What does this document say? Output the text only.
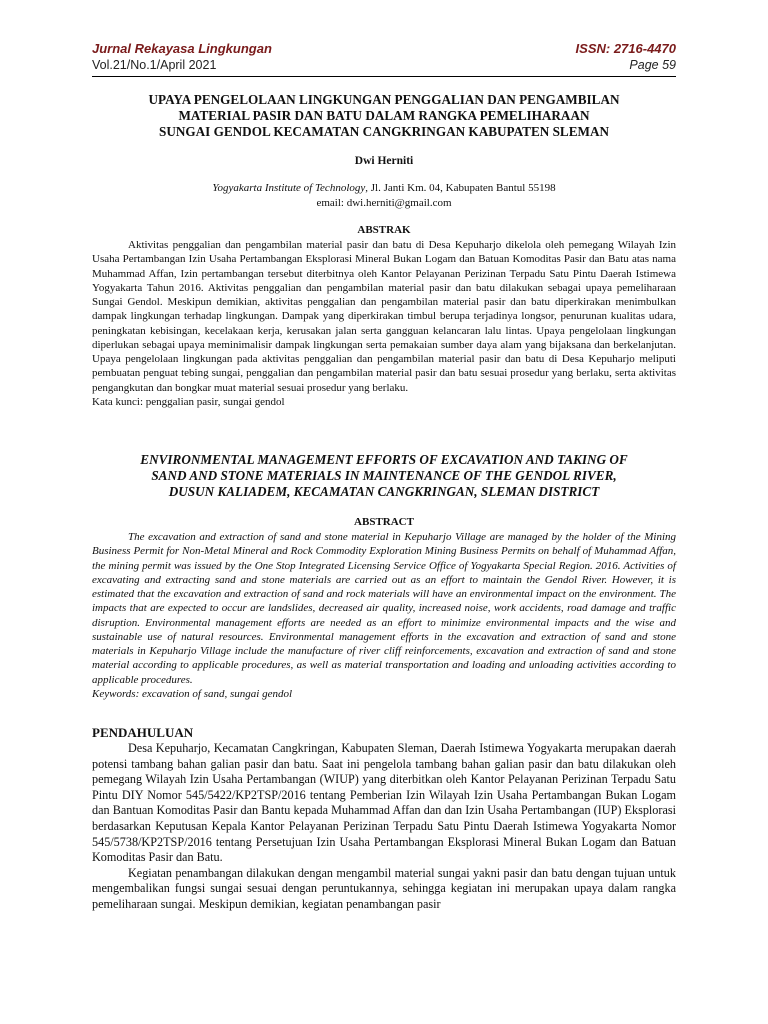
Jurnal Rekayasa Lingkungan	ISSN: 2716-4470
Vol.21/No.1/April 2021	Page 59
UPAYA PENGELOLAAN LINGKUNGAN PENGGALIAN DAN PENGAMBILAN
MATERIAL PASIR DAN BATU DALAM RANGKA PEMELIHARAAN
SUNGAI GENDOL KECAMATAN CANGKRINGAN KABUPATEN SLEMAN
Dwi Herniti
Yogyakarta Institute of Technology, Jl. Janti Km. 04, Kabupaten Bantul 55198
email: dwi.herniti@gmail.com
ABSTRAK

Aktivitas penggalian dan pengambilan material pasir dan batu di Desa Kepuharjo dikelola oleh pemegang Wilayah Izin Usaha Pertambangan Izin Usaha Pertambangan Eksplorasi Mineral Bukan Logam dan Batuan Komoditas Pasir dan Batu atas nama Muhammad Affan, Izin pertambangan tersebut diterbitnya oleh Kantor Pelayanan Perizinan Terpadu Satu Pintu Daerah Istimewa Yogyakarta Tahun 2016. Aktivitas penggalian dan pengambilan material pasir dan batu dilakukan sebagai upaya pemeliharaan Sungai Gendol. Meskipun demikian, aktivitas penggalian dan pengambilan material pasir dan batu diperkirakan menimbulkan dampak lingkungan terhadap lingkungan. Dampak yang diperkirakan timbul berupa terjadinya longsor, penurunan kualitas udara, peningkatan kebisingan, kecelakaan kerja, kerusakan jalan serta gangguan kelancaran lalu lintas. Upaya pengelolaan lingkungan diperlukan sebagai upaya meminimalisir dampak lingkungan serta pemakaian sumber daya alam yang bijaksana dan berkelanjutan. Upaya pengelolaan lingkungan pada aktivitas penggalian dan pengambilan material pasir dan batu di Desa Kepuharjo meliputi pembuatan penguat tebing sungai, penggalian dan pengambilan material pasir dan batu sesuai prosedur yang berlaku, serta aktivitas pengangkutan dan bongkar muat material sesuai prosedur yang berlaku.

Kata kunci: penggalian pasir, sungai gendol

ENVIRONMENTAL MANAGEMENT EFFORTS OF EXCAVATION AND TAKING OF
SAND AND STONE MATERIALS IN MAINTENANCE OF THE GENDOL RIVER,
DUSUN KALIADEM, KECAMATAN CANGKRINGAN, SLEMAN DISTRICT
ABSTRACT

The excavation and extraction of sand and stone material in Kepuharjo Village are managed by the holder of the Mining Business Permit for Non-Metal Mineral and Rock Commodity Exploration Mining Business Permits on behalf of Muhammad Affan, the mining permit was issued by the One Stop Integrated Licensing Service Office of Yogyakarta Special Region. 2016. Activities of excavating and extracting sand and stone materials are carried out as an effort to maintain the Gendol River. However, it is estimated that the excavation and extraction of sand and rock materials will have an environmental impact on the environment. The impacts that are expected to occur are landslides, decreased air quality, increased noise, work accidents, road damage and traffic disruption. Environmental management efforts are needed as an effort to minimize environmental impacts and the wise and sustainable use of natural resources. Environmental management efforts in the excavation and extraction of sand and stone materials in Kepuharjo Village include the manufacture of river cliff reinforcements, excavation and extraction of sand and stone material according to applicable procedures, as well as material transportation and loading and unloading activities according to applicable procedures.

Keywords: excavation of sand, sungai gendol

PENDAHULUAN

Desa Kepuharjo, Kecamatan Cangkringan, Kabupaten Sleman, Daerah Istimewa Yogyakarta merupakan daerah potensi tambang bahan galian pasir dan batu. Saat ini pengelola tambang bahan galian pasir dan batu dilakukan oleh pemegang Wilayah Izin Usaha Pertambangan (WIUP) yang diterbitkan oleh Kantor Pelayanan Perizinan Terpadu Satu Pintu DIY Nomor 545/5422/KP2TSP/2016 tentang Pemberian Izin Wilayah Izin Usaha Pertambangan Bukan Logam dan Bantuan Komoditas Pasir dan Bantu kepada Muhammad Affan dan dan Izin Usaha Pertambangan (IUP) Eksplorasi berdasarkan Keputusan Kepala Kantor Pelayanan Perizinan Terpadu Satu Pintu Daerah Istimewa Yogyakarta Nomor 545/5738/KP2TSP/2016 tentang Persetujuan Izin Usaha Pertambangan Eksplorasi Mineral Bukan Logam dan Batuan Komoditas Pasir dan Batu.

Kegiatan penambangan dilakukan dengan mengambil material sungai yakni pasir dan batu dengan tujuan untuk mengembalikan fungsi sungai sesuai dengan peruntukannya, sehingga kegiatan ini merupakan upaya dalam rangka pemeliharaan sungai. Meskipun demikian, kegiatan penambangan pasir
